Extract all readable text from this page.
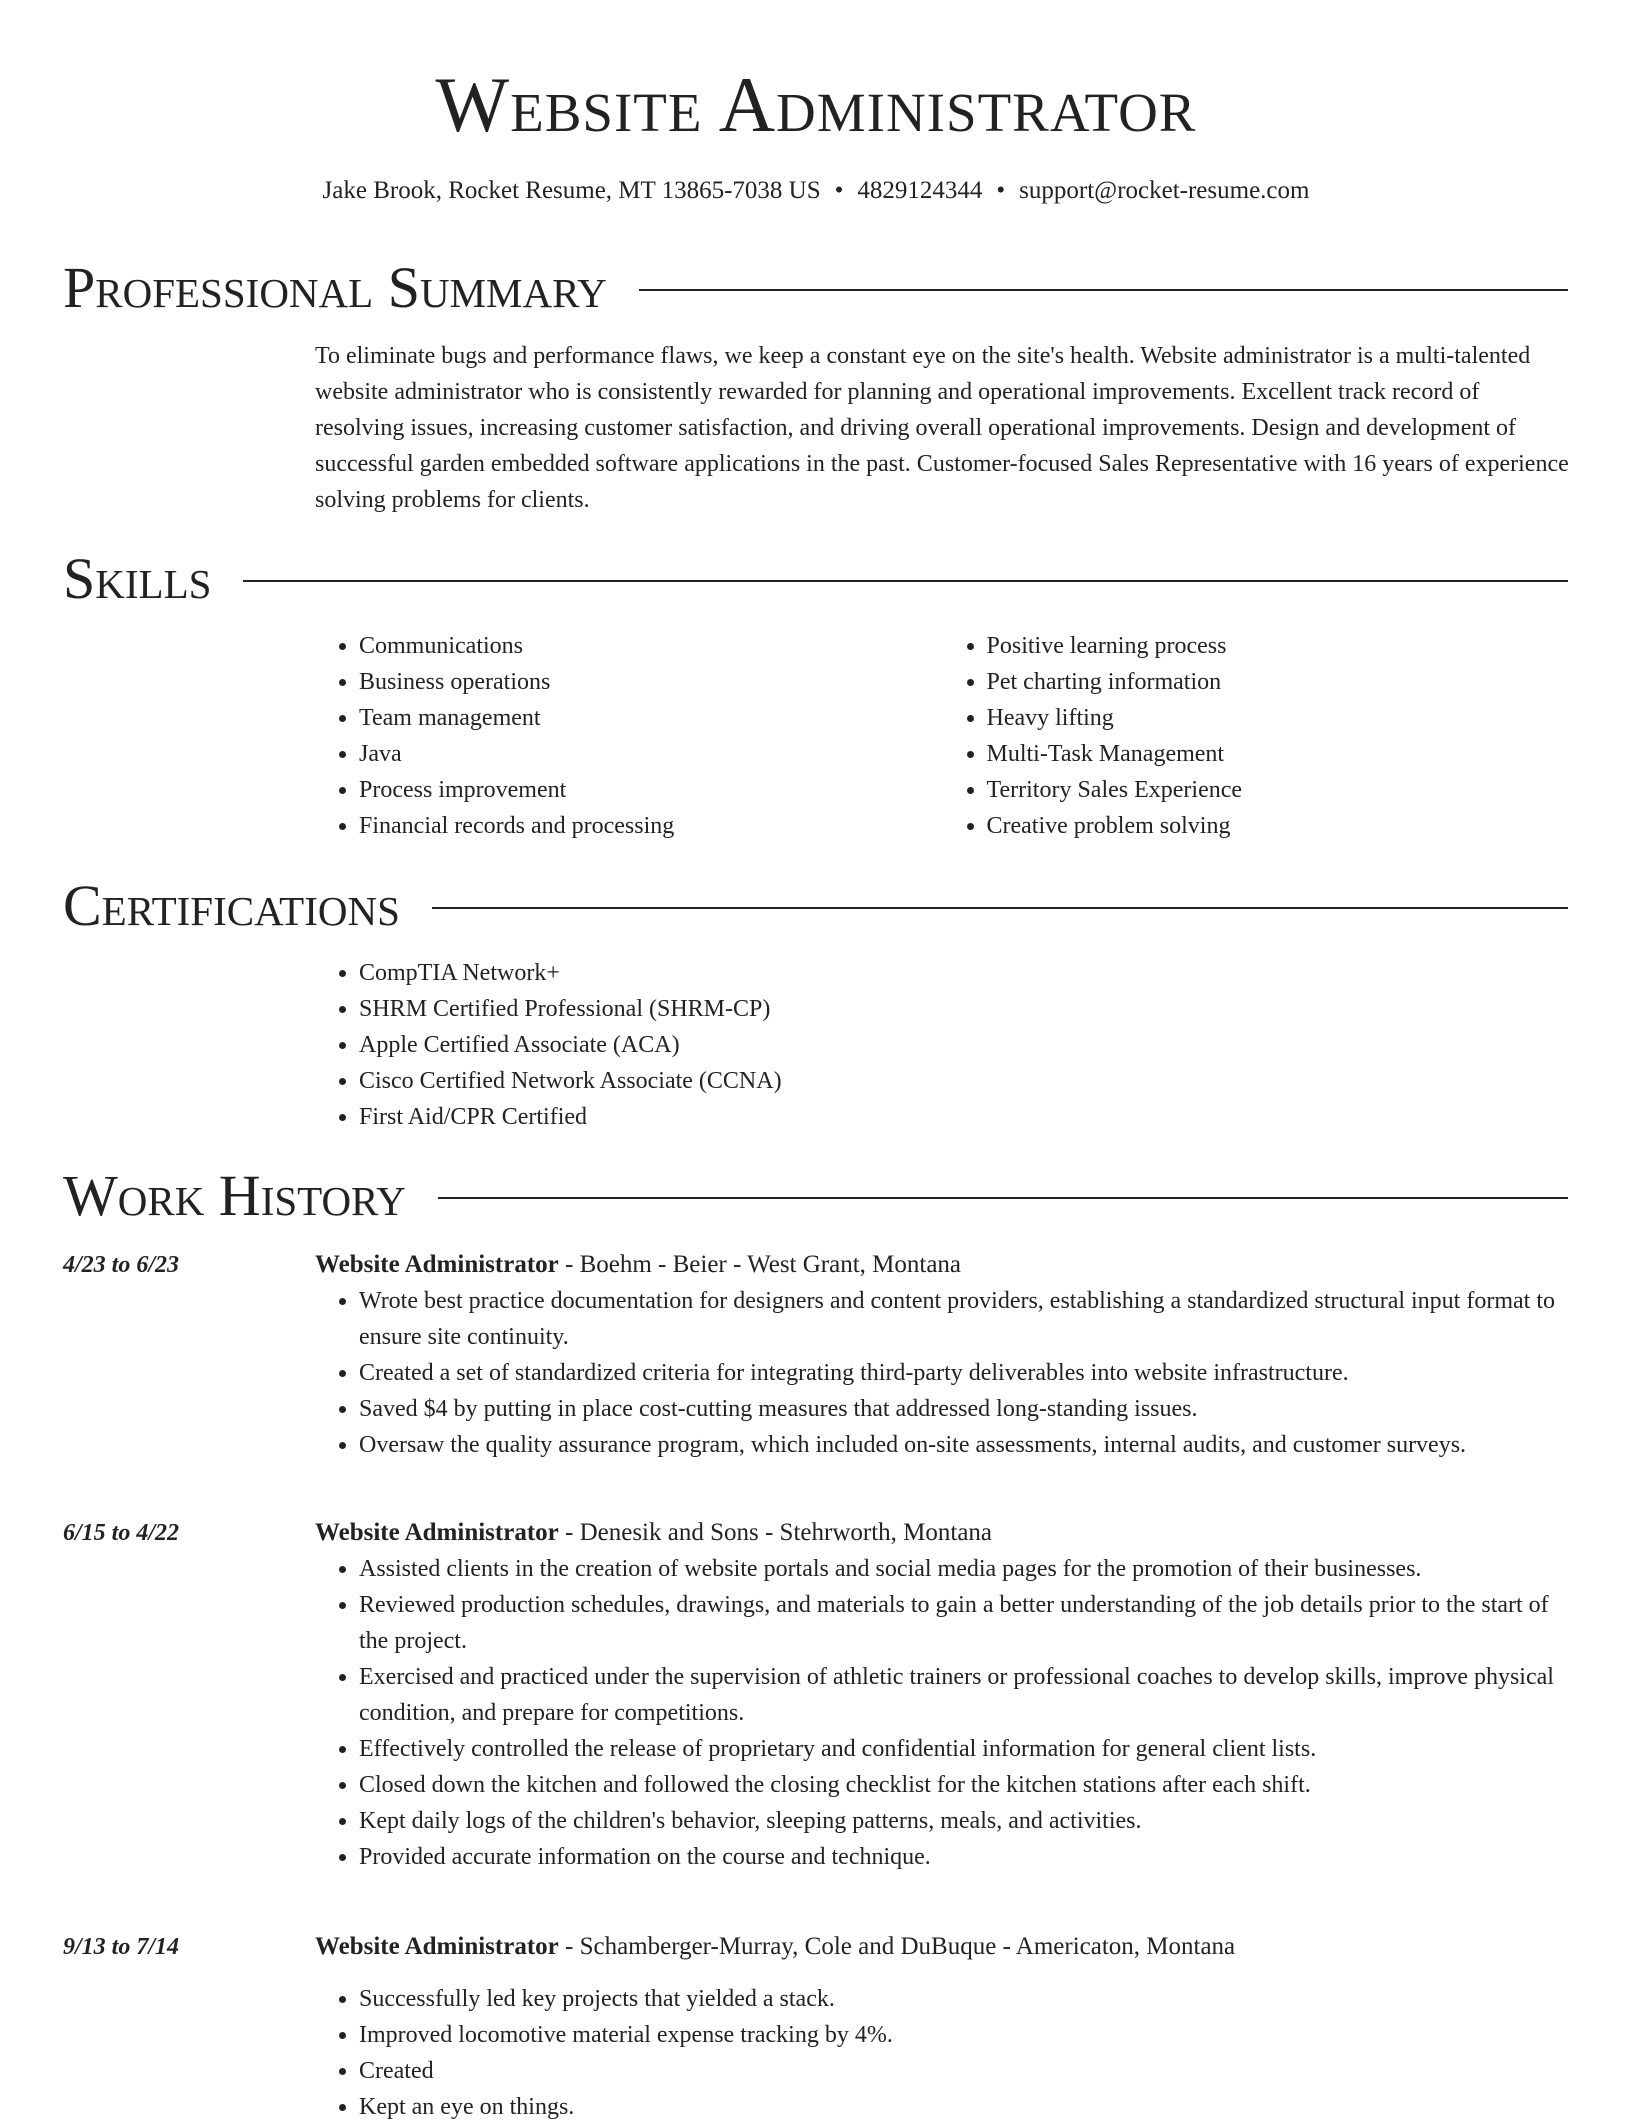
Website Administrator
Jake Brook, Rocket Resume, MT 13865-7038 US • 4829124344 • support@rocket-resume.com
Professional Summary
To eliminate bugs and performance flaws, we keep a constant eye on the site's health. Website administrator is a multi-talented website administrator who is consistently rewarded for planning and operational improvements. Excellent track record of resolving issues, increasing customer satisfaction, and driving overall operational improvements. Design and development of successful garden embedded software applications in the past. Customer-focused Sales Representative with 16 years of experience solving problems for clients.
Skills
• Communications
• Business operations
• Team management
• Java
• Process improvement
• Financial records and processing
• Positive learning process
• Pet charting information
• Heavy lifting
• Multi-Task Management
• Territory Sales Experience
• Creative problem solving
Certifications
• CompTIA Network+
• SHRM Certified Professional (SHRM-CP)
• Apple Certified Associate (ACA)
• Cisco Certified Network Associate (CCNA)
• First Aid/CPR Certified
Work History
4/23 to 6/23	Website Administrator - Boehm - Beier - West Grant, Montana
• Wrote best practice documentation for designers and content providers, establishing a standardized structural input format to ensure site continuity.
• Created a set of standardized criteria for integrating third-party deliverables into website infrastructure.
• Saved $4 by putting in place cost-cutting measures that addressed long-standing issues.
• Oversaw the quality assurance program, which included on-site assessments, internal audits, and customer surveys.
6/15 to 4/22	Website Administrator - Denesik and Sons - Stehrworth, Montana
• Assisted clients in the creation of website portals and social media pages for the promotion of their businesses.
• Reviewed production schedules, drawings, and materials to gain a better understanding of the job details prior to the start of the project.
• Exercised and practiced under the supervision of athletic trainers or professional coaches to develop skills, improve physical condition, and prepare for competitions.
• Effectively controlled the release of proprietary and confidential information for general client lists.
• Closed down the kitchen and followed the closing checklist for the kitchen stations after each shift.
• Kept daily logs of the children's behavior, sleeping patterns, meals, and activities.
• Provided accurate information on the course and technique.
9/13 to 7/14	Website Administrator - Schamberger-Murray, Cole and DuBuque - Americaton, Montana
• Successfully led key projects that yielded a stack.
• Improved locomotive material expense tracking by 4%.
• Created
• Kept an eye on things.
